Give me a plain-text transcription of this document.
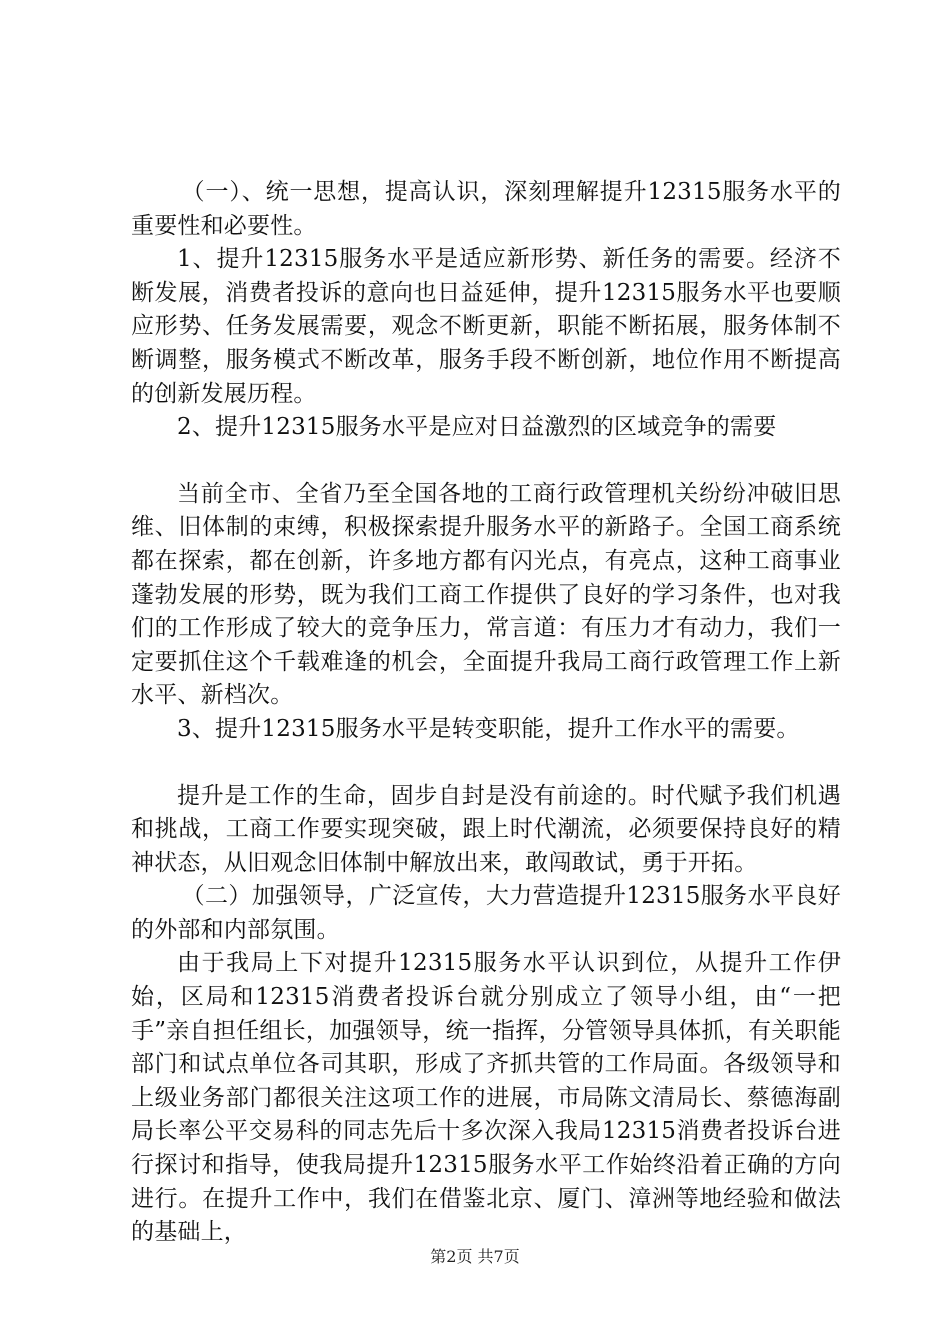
（一）、统一思想，提高认识，深刻理解提升12315服务水平的重要性和必要性。

1、提升12315服务水平是适应新形势、新任务的需要。经济不断发展，消费者投诉的意向也日益延伸，提升12315服务水平也要顺应形势、任务发展需要，观念不断更新，职能不断拓展，服务体制不断调整，服务模式不断改革，服务手段不断创新，地位作用不断提高的创新发展历程。

2、提升12315服务水平是应对日益激烈的区域竞争的需要

当前全市、全省乃至全国各地的工商行政管理机关纷纷冲破旧思维、旧体制的束缚，积极探索提升服务水平的新路子。全国工商系统都在探索，都在创新，许多地方都有闪光点，有亮点，这种工商事业蓬勃发展的形势，既为我们工商工作提供了良好的学习条件，也对我们的工作形成了较大的竞争压力，常言道：有压力才有动力，我们一定要抓住这个千载难逢的机会，全面提升我局工商行政管理工作上新水平、新档次。

3、提升12315服务水平是转变职能，提升工作水平的需要。

提升是工作的生命，固步自封是没有前途的。时代赋予我们机遇和挑战，工商工作要实现突破，跟上时代潮流，必须要保持良好的精神状态，从旧观念旧体制中解放出来，敢闯敢试，勇于开拓。

（二）加强领导，广泛宣传，大力营造提升12315服务水平良好的外部和内部氛围。

由于我局上下对提升12315服务水平认识到位，从提升工作伊始，区局和12315消费者投诉台就分别成立了领导小组，由“一把手”亲自担任组长，加强领导，统一指挥，分管领导具体抓，有关职能部门和试点单位各司其职，形成了齐抓共管的工作局面。各级领导和上级业务部门都很关注这项工作的进展，市局陈文清局长、蔡德海副局长率公平交易科的同志先后十多次深入我局12315消费者投诉台进行探讨和指导，使我局提升12315服务水平工作始终沿着正确的方向进行。在提升工作中，我们在借鉴北京、厦门、漳洲等地经验和做法的基础上，

第2页 共7页
